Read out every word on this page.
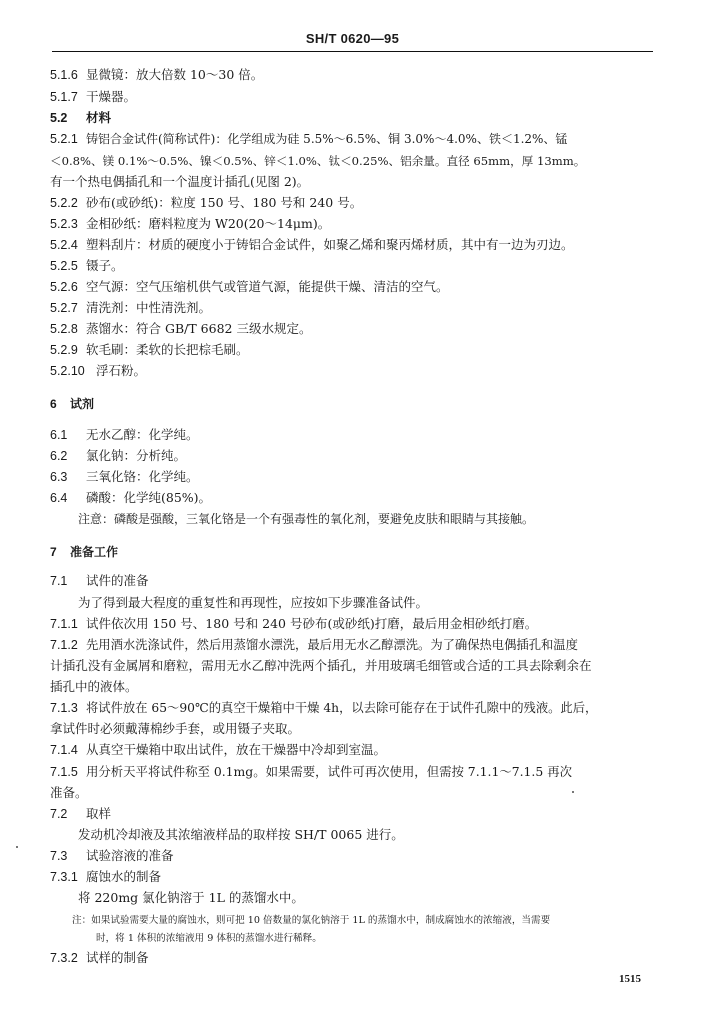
SH/T 0620—95
5.1.6 显微镜：放大倍数 10～30 倍。
5.1.7 干燥器。
5.2 材料
5.2.1 铸铝合金试件(简称试件)：化学组成为硅 5.5%～6.5%、铜 3.0%～4.0%、铁＜1.2%、锰
＜0.8%、镁 0.1%～0.5%、镍＜0.5%、锌＜1.0%、钛＜0.25%、铝余量。直径 65mm，厚 13mm。
有一个热电偶插孔和一个温度计插孔(见图 2)。
5.2.2 砂布(或砂纸)：粒度 150 号、180 号和 240 号。
5.2.3 金相砂纸：磨料粒度为 W20(20～14μm)。
5.2.4 塑料刮片：材质的硬度小于铸铝合金试件，如聚乙烯和聚丙烯材质，其中有一边为刃边。
5.2.5 镊子。
5.2.6 空气源：空气压缩机供气或管道气源，能提供干燥、清洁的空气。
5.2.7 清洗剂：中性清洗剂。
5.2.8 蒸馏水：符合 GB/T 6682 三级水规定。
5.2.9 软毛刷：柔软的长把棕毛刷。
5.2.10 浮石粉。
6 试剂
6.1 无水乙醇：化学纯。
6.2 氯化钠：分析纯。
6.3 三氧化铬：化学纯。
6.4 磷酸：化学纯(85%)。
注意：磷酸是强酸，三氧化铬是一个有强毒性的氧化剂，要避免皮肤和眼睛与其接触。
7 准备工作
7.1 试件的准备
为了得到最大程度的重复性和再现性，应按如下步骤准备试件。
7.1.1 试件依次用 150 号、180 号和 240 号砂布(或砂纸)打磨，最后用金相砂纸打磨。
7.1.2 先用酒水洗涤试件，然后用蒸馏水漂洗，最后用无水乙醇漂洗。为了确保热电偶插孔和温度
计插孔没有金属屑和磨粒，需用无水乙醇冲洗两个插孔，并用玻璃毛细管或合适的工具去除剩余在
插孔中的液体。
7.1.3 将试件放在 65～90℃的真空干燥箱中干燥 4h，以去除可能存在于试件孔隙中的残液。此后，
拿试件时必须戴薄棉纱手套，或用镊子夹取。
7.1.4 从真空干燥箱中取出试件，放在干燥器中冷却到室温。
7.1.5 用分析天平将试件称至 0.1mg。如果需要，试件可再次使用，但需按 7.1.1～7.1.5 再次
准备。
7.2 取样
发动机冷却液及其浓缩液样品的取样按 SH/T 0065 进行。
7.3 试验溶液的准备
7.3.1 腐蚀水的制备
将 220mg 氯化钠溶于 1L 的蒸馏水中。
注：如果试验需要大量的腐蚀水，则可把 10 倍数量的氯化钠溶于 1L 的蒸馏水中，制成腐蚀水的浓缩液，当需要
时，将 1 体积的浓缩液用 9 体积的蒸馏水进行稀释。
7.3.2 试样的制备
1515
